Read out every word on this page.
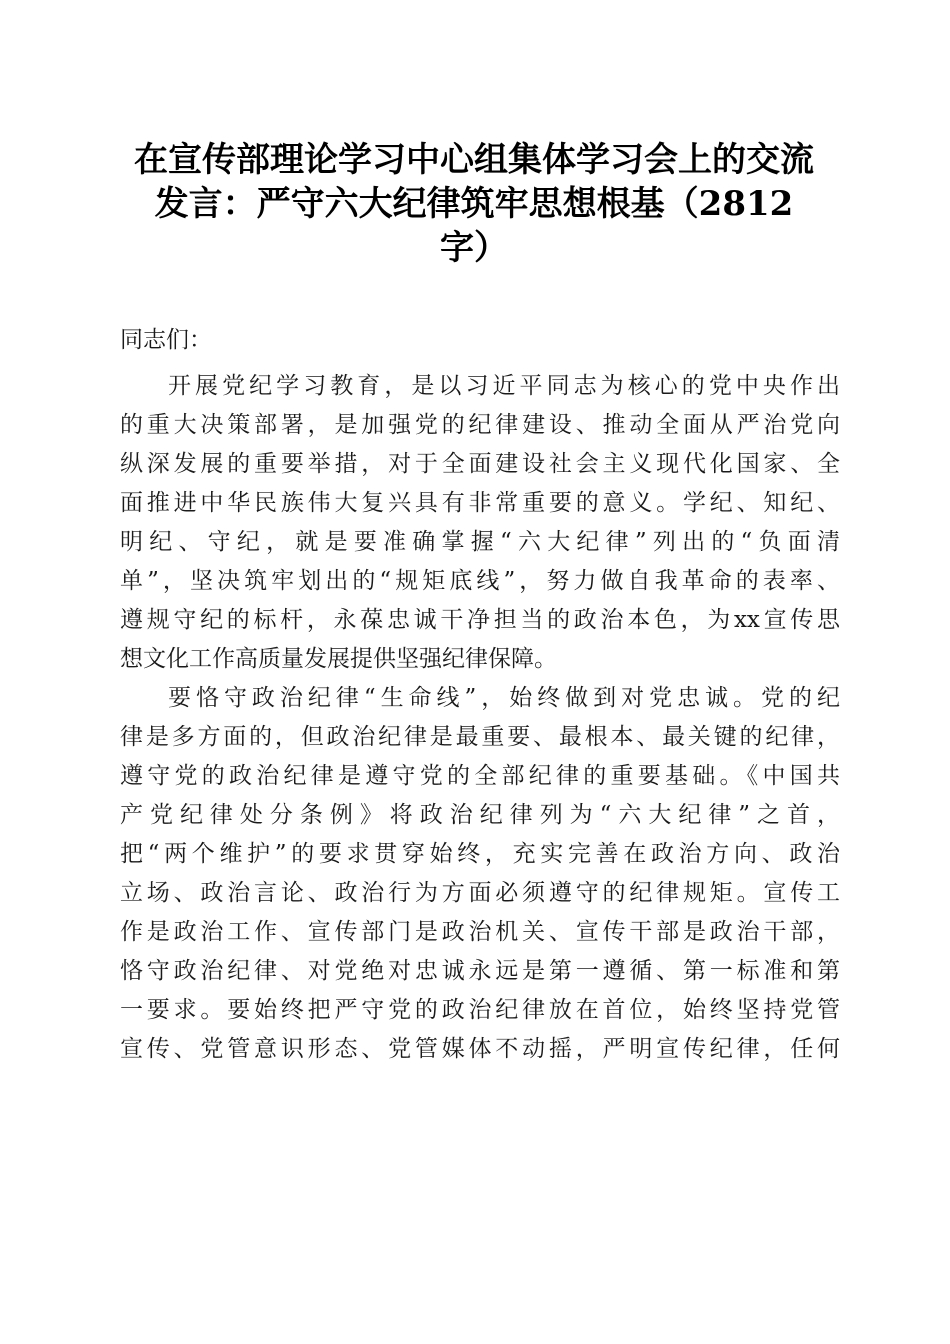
在宣传部理论学习中心组集体学习会上的交流
发言：严守六大纪律筑牢思想根基（2812
字）
同志们：
开展党纪学习教育，是以习近平同志为核心的党中央作出
的重大决策部署，是加强党的纪律建设、推动全面从严治党向
纵深发展的重要举措，对于全面建设社会主义现代化国家、全
面推进中华民族伟大复兴具有非常重要的意义。学纪、知纪、
明纪、守纪，就是要准确掌握“六大纪律”列出的“负面清
单”，坚决筑牢划出的“规矩底线”，努力做自我革命的表率、
遵规守纪的标杆，永葆忠诚干净担当的政治本色，为xx宣传思
想文化工作高质量发展提供坚强纪律保障。
要恪守政治纪律“生命线”，始终做到对党忠诚。党的纪
律是多方面的，但政治纪律是最重要、最根本、最关键的纪律，
遵守党的政治纪律是遵守党的全部纪律的重要基础。《中国共
产党纪律处分条例》将政治纪律列为“六大纪律”之首，
把“两个维护”的要求贯穿始终，充实完善在政治方向、政治
立场、政治言论、政治行为方面必须遵守的纪律规矩。宣传工
作是政治工作、宣传部门是政治机关、宣传干部是政治干部，
恪守政治纪律、对党绝对忠诚永远是第一遵循、第一标准和第
一要求。要始终把严守党的政治纪律放在首位，始终坚持党管
宣传、党管意识形态、党管媒体不动摇，严明宣传纪律，任何
